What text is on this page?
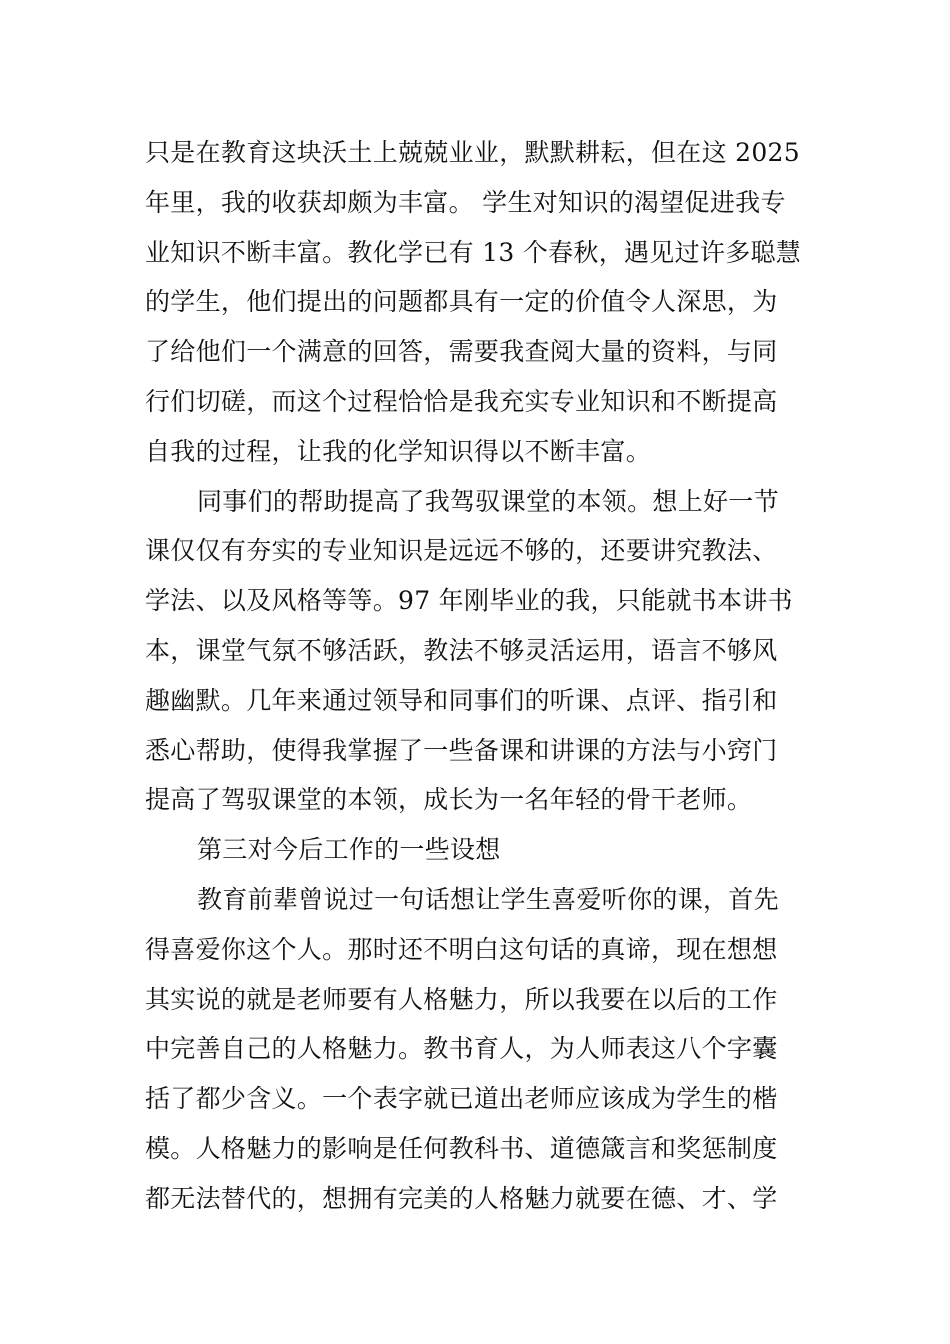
只是在教育这块沃土上兢兢业业，默默耕耘，但在这 2025
年里，我的收获却颇为丰富。 学生对知识的渴望促进我专
业知识不断丰富。教化学已有 13 个春秋，遇见过许多聪慧
的学生，他们提出的问题都具有一定的价值令人深思，为
了给他们一个满意的回答，需要我查阅大量的资料，与同
行们切磋，而这个过程恰恰是我充实专业知识和不断提高
自我的过程，让我的化学知识得以不断丰富。
同事们的帮助提高了我驾驭课堂的本领。想上好一节
课仅仅有夯实的专业知识是远远不够的，还要讲究教法、
学法、以及风格等等。97 年刚毕业的我，只能就书本讲书
本，课堂气氛不够活跃，教法不够灵活运用，语言不够风
趣幽默。几年来通过领导和同事们的听课、点评、指引和
悉心帮助，使得我掌握了一些备课和讲课的方法与小窍门
提高了驾驭课堂的本领，成长为一名年轻的骨干老师。
第三对今后工作的一些设想
教育前辈曾说过一句话想让学生喜爱听你的课，首先
得喜爱你这个人。那时还不明白这句话的真谛，现在想想
其实说的就是老师要有人格魅力，所以我要在以后的工作
中完善自己的人格魅力。教书育人，为人师表这八个字囊
括了都少含义。一个表字就已道出老师应该成为学生的楷
模。人格魅力的影响是任何教科书、道德箴言和奖惩制度
都无法替代的，想拥有完美的人格魅力就要在德、才、学
